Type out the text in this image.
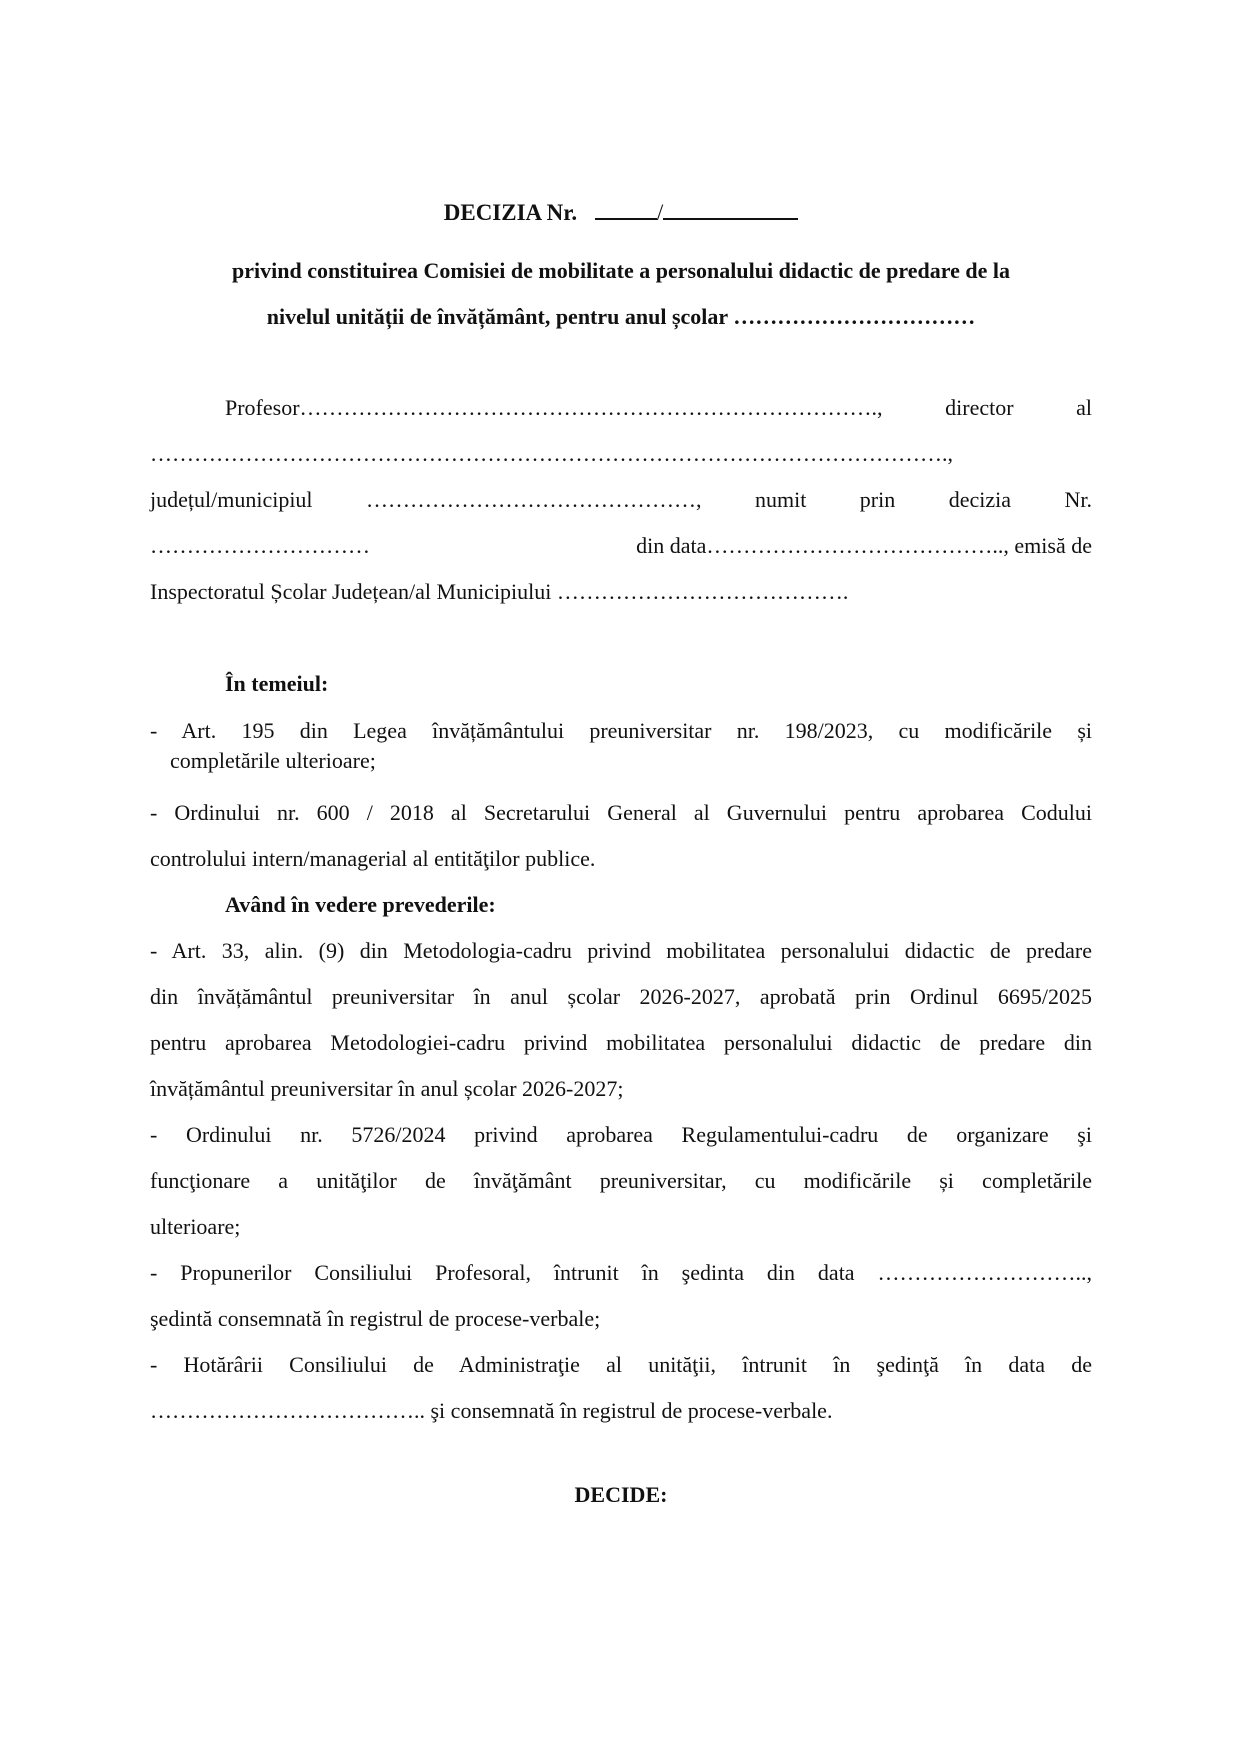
DECIZIA Nr.	/
privind constituirea Comisiei de mobilitate a personalului didactic de predare de la
nivelul unității de învățământ, pentru anul școlar ……………………………
Profesor……………………………………………………………………., director al
……………………………………………………………………………………………….,
județul/municipiul ………………………………………, numit prin decizia Nr.
…………………………	din data………………………………….., emisă de
Inspectoratul Școlar Județean/al Municipiului ………………………………….
În temeiul:
- Art. 195 din Legea învățământului preuniversitar nr. 198/2023, cu modificările și
completările ulterioare;
- Ordinului nr. 600 / 2018 al Secretarului General al Guvernului pentru aprobarea Codului
controlului intern/managerial al entităţilor publice.
Având în vedere prevederile:
- Art. 33, alin. (9) din Metodologia-cadru privind mobilitatea personalului didactic de predare
din învățământul preuniversitar în anul școlar 2026-2027, aprobată prin Ordinul 6695/2025
pentru aprobarea Metodologiei-cadru privind mobilitatea personalului didactic de predare din
învățământul preuniversitar în anul școlar 2026-2027;
- Ordinului nr. 5726/2024 privind aprobarea Regulamentului-cadru de organizare şi
funcţionare a unităţilor de învăţământ preuniversitar, cu modificările și completările
ulterioare;
- Propunerilor Consiliului Profesoral, întrunit în şedinta din data ………………………..,
şedintă consemnată în registrul de procese-verbale;
- Hotărârii Consiliului de Administraţie al unităţii, întrunit în şedinţă în data de
……………………………….. şi consemnată în registrul de procese-verbale.
DECIDE:
